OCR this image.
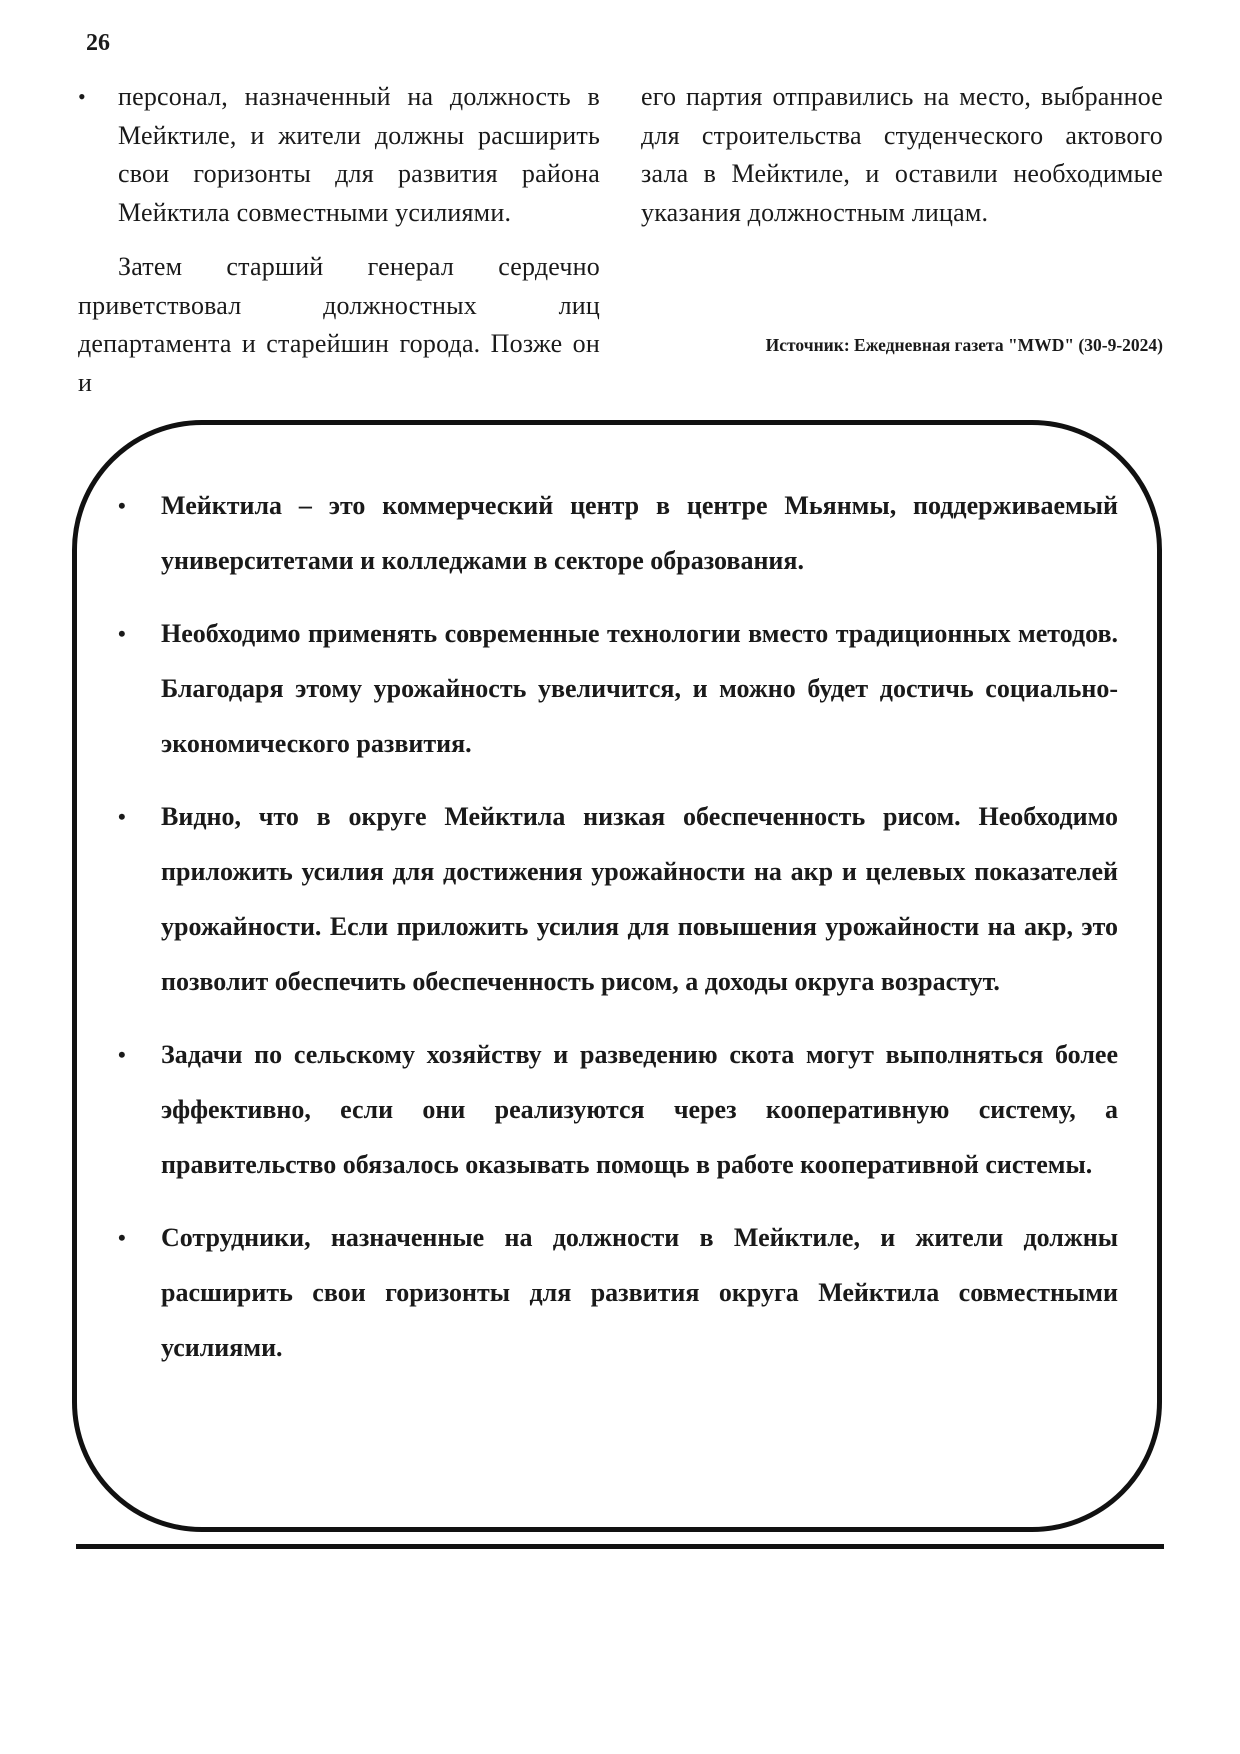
26

• персонал, назначенный на должность в Мейктиле, и жители должны расширить свои горизонты для развития района Мейктила совместными усилиями.

Затем старший генерал сердечно приветствовал должностных лиц департамента и старейшин города. Позже он и

его партия отправились на место, выбранное для строительства студенческого актового зала в Мейктиле, и оставили необходимые указания должностным лицам.

Источник: Ежедневная газета "MWD" (30-9-2024)
• Мейктила – это коммерческий центр в центре Мьянмы, поддерживаемый университетами и колледжами в секторе образования.
• Необходимо применять современные технологии вместо традиционных методов. Благодаря этому урожайность увеличится, и можно будет достичь социально-экономического развития.
• Видно, что в округе Мейктила низкая обеспеченность рисом. Необходимо приложить усилия для достижения урожайности на акр и целевых показателей урожайности. Если приложить усилия для повышения урожайности на акр, это позволит обеспечить обеспеченность рисом, а доходы округа возрастут.
• Задачи по сельскому хозяйству и разведению скота могут выполняться более эффективно, если они реализуются через кооперативную систему, а правительство обязалось оказывать помощь в работе кооперативной системы.
• Сотрудники, назначенные на должности в Мейктиле, и жители должны расширить свои горизонты для развития округа Мейктила совместными усилиями.
